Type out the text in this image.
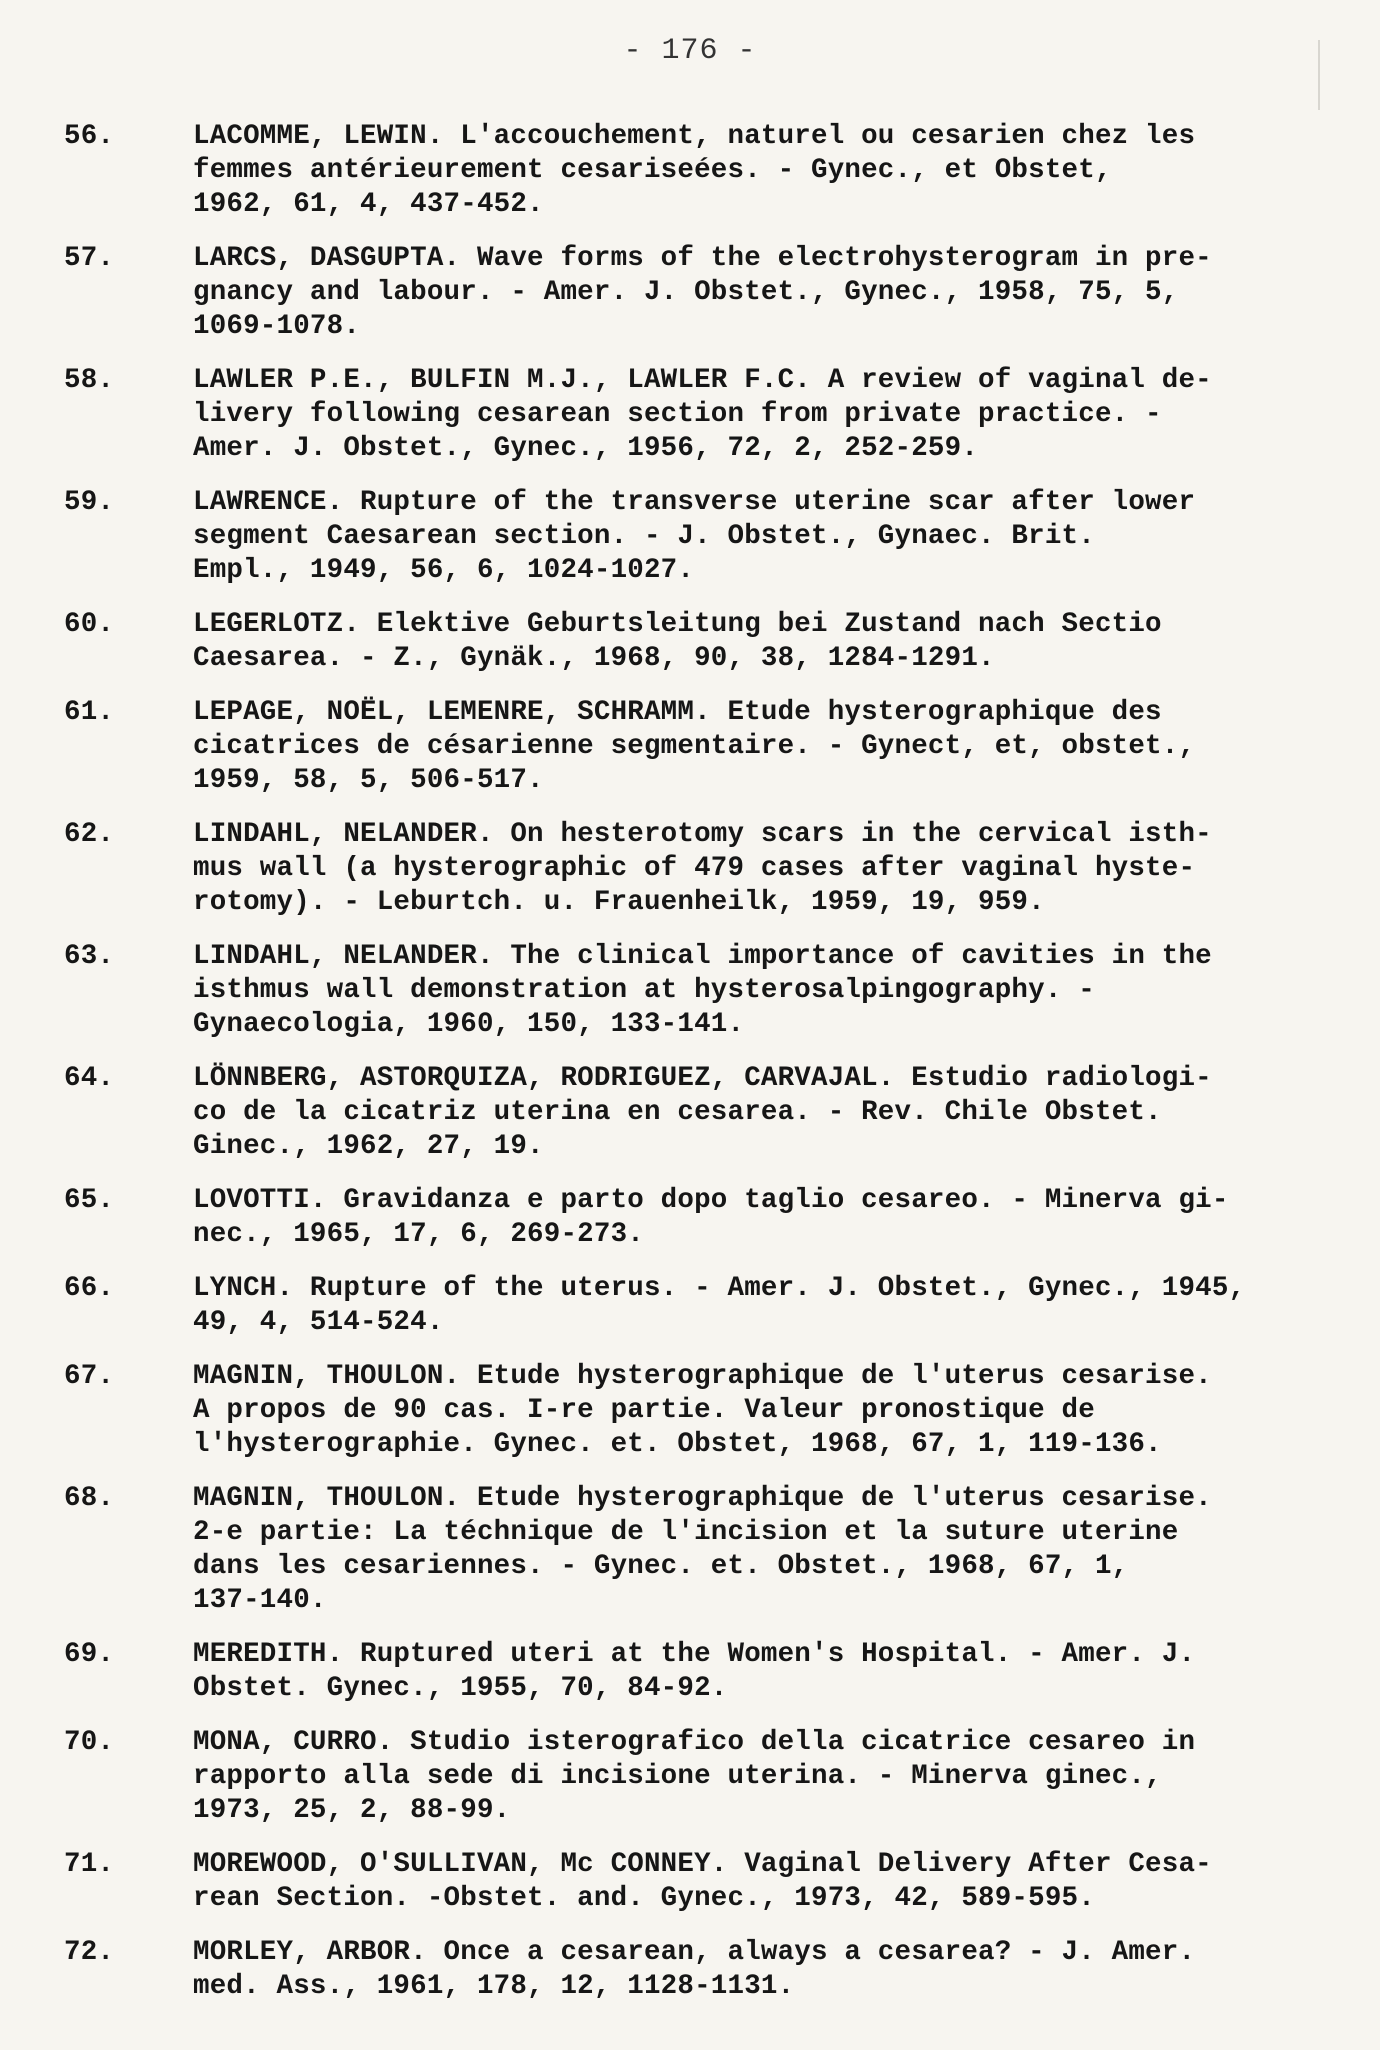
- 176 -
56.	LACOMME, LEWIN. L'accouchement, naturel ou cesarien chez les
femmes antérieurement cesariseées. - Gynec., et Obstet,
1962, 61, 4, 437-452.
57.	LARCS, DASGUPTA. Wave forms of the electrohysterogram in pre-
gnancy and labour. - Amer. J. Obstet., Gynec., 1958, 75, 5,
1069-1078.
58.	LAWLER P.E., BULFIN M.J., LAWLER F.C. A review of vaginal de-
livery following cesarean section from private practice. -
Amer. J. Obstet., Gynec., 1956, 72, 2, 252-259.
59.	LAWRENCE. Rupture of the transverse uterine scar after lower
segment Caesarean section. - J. Obstet., Gynaec. Brit.
Empl., 1949, 56, 6, 1024-1027.
60.	LEGERLOTZ. Elektive Geburtsleitung bei Zustand nach Sectio
Caesarea. - Z., Gynäk., 1968, 90, 38, 1284-1291.
61.	LEPAGE, NOËL, LEMENRE, SCHRAMM. Etude hysterographique des
cicatrices de césarienne segmentaire. - Gynect, et, obstet.,
1959, 58, 5, 506-517.
62.	LINDAHL, NELANDER. On hesterotomy scars in the cervical isth-
mus wall (a hysterographic of 479 cases after vaginal hyste-
rotomy). - Leburtch. u. Frauenheilk, 1959, 19, 959.
63.	LINDAHL, NELANDER. The clinical importance of cavities in the
isthmus wall demonstration at hysterosalpingography. -
Gynaecologia, 1960, 150, 133-141.
64.	LÖNNBERG, ASTORQUIZA, RODRIGUEZ, CARVAJAL. Estudio radiologi-
co de la cicatriz uterina en cesarea. - Rev. Chile Obstet.
Ginec., 1962, 27, 19.
65.	LOVOTTI. Gravidanza e parto dopo taglio cesareo. - Minerva gi-
nec., 1965, 17, 6, 269-273.
66.	LYNCH. Rupture of the uterus. - Amer. J. Obstet., Gynec., 1945,
49, 4, 514-524.
67.	MAGNIN, THOULON. Etude hysterographique de l'uterus cesarise.
A propos de 90 cas. I-re partie. Valeur pronostique de
l'hysterographie. Gynec. et. Obstet, 1968, 67, 1, 119-136.
68.	MAGNIN, THOULON. Etude hysterographique de l'uterus cesarise.
2-e partie: La téchnique de l'incision et la suture uterine
dans les cesariennes. - Gynec. et. Obstet., 1968, 67, 1,
137-140.
69.	MEREDITH. Ruptured uteri at the Women's Hospital. - Amer. J.
Obstet. Gynec., 1955, 70, 84-92.
70.	MONA, CURRO. Studio isterografico della cicatrice cesareo in
rapporto alla sede di incisione uterina. - Minerva ginec.,
1973, 25, 2, 88-99.
71.	MOREWOOD, O'SULLIVAN, Mc CONNEY. Vaginal Delivery After Cesa-
rean Section. -Obstet. and. Gynec., 1973, 42, 589-595.
72.	MORLEY, ARBOR. Once a cesarean, always a cesarea? - J. Amer.
med. Ass., 1961, 178, 12, 1128-1131.
